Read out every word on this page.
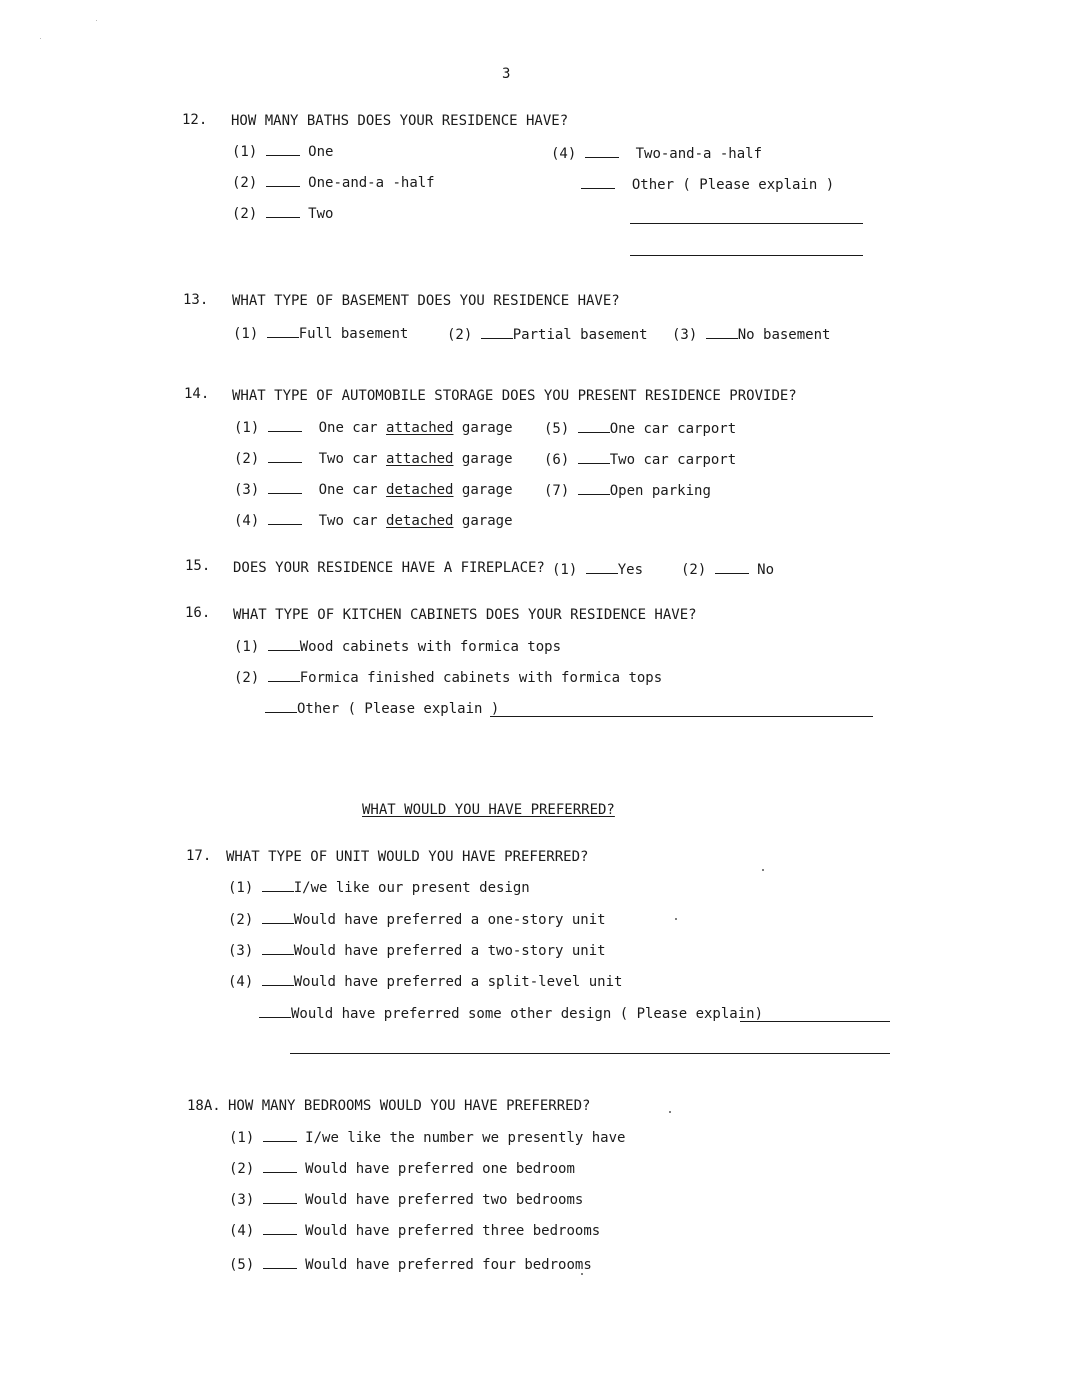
3
12. HOW MANY BATHS DOES YOUR RESIDENCE HAVE?
(1)	One
(2)	One-and-a -half
(2)	Two
(4)	Two-and-a -half
Other ( Please explain )
13. WHAT TYPE OF BASEMENT DOES YOU RESIDENCE HAVE?
(1)	Full basement	(2)	Partial basement (3)	No basement
14. WHAT TYPE OF AUTOMOBILE STORAGE DOES YOU PRESENT RESIDENCE PROVIDE?
(1)	One car attached garage
(2)	Two car attached garage
(3)	One car detached garage
(4)	Two car detached garage
(5)	One car carport
(6)	Two car carport
(7)	Open parking
15. DOES YOUR RESIDENCE HAVE A FIREPLACE? (1)	Yes	(2)	No
16. WHAT TYPE OF KITCHEN CABINETS DOES YOUR RESIDENCE HAVE?
(1)	Wood cabinets with formica tops
(2)	Formica finished cabinets with formica tops
Other ( Please explain )
WHAT WOULD YOU HAVE PREFERRED?
17. WHAT TYPE OF UNIT WOULD YOU HAVE PREFERRED?
(1)	I/we like our present design
(2)	Would have preferred a one-story unit
(3)	Would have preferred a two-story unit
(4)	Would have preferred a split-level unit
Would have preferred some other design ( Please explain)
18A. HOW MANY BEDROOMS WOULD YOU HAVE PREFERRED?
(1)	I/we like the number we presently have
(2)	Would have preferred one bedroom
(3)	Would have preferred two bedrooms
(4)	Would have preferred three bedrooms
(5)	Would have preferred four bedrooms
